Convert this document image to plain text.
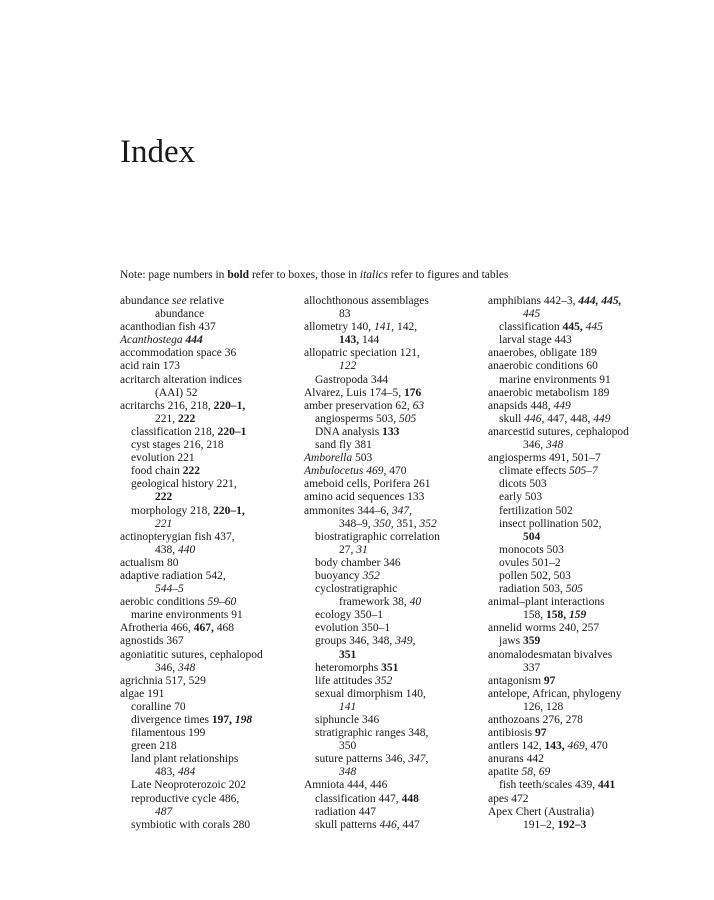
Index
Note: page numbers in bold refer to boxes, those in italics refer to figures and tables
abundance see relative
abundance
acanthodian fish 437
Acanthostega 444
accommodation space 36
acid rain 173
acritarch alteration indices
(AAI) 52
acritarchs 216, 218, 220–1,
221, 222
classification 218, 220–1
cyst stages 216, 218
evolution 221
food chain 222
geological history 221,
222
morphology 218, 220–1,
221
actinopterygian fish 437,
438, 440
actualism 80
adaptive radiation 542,
544–5
aerobic conditions 59–60
marine environments 91
Afrotheria 466, 467, 468
agnostids 367
agoniatitic sutures, cephalopod
346, 348
agrichnia 517, 529
algae 191
coralline 70
divergence times 197, 198
filamentous 199
green 218
land plant relationships
483, 484
Late Neoproterozoic 202
reproductive cycle 486,
487
symbiotic with corals 280
allochthonous assemblages
83
allometry 140, 141, 142,
143, 144
allopatric speciation 121,
122
Gastropoda 344
Alvarez, Luis 174–5, 176
amber preservation 62, 63
angiosperms 503, 505
DNA analysis 133
sand fly 381
Amborella 503
Ambulocetus 469, 470
ameboid cells, Porifera 261
amino acid sequences 133
ammonites 344–6, 347,
348–9, 350, 351, 352
biostratigraphic correlation
27, 31
body chamber 346
buoyancy 352
cyclostratigraphic
framework 38, 40
ecology 350–1
evolution 350–1
groups 346, 348, 349,
351
heteromorphs 351
life attitudes 352
sexual dimorphism 140,
141
siphuncle 346
stratigraphic ranges 348,
350
suture patterns 346, 347,
348
Amniota 444, 446
classification 447, 448
radiation 447
skull patterns 446, 447
amphibians 442–3, 444, 445,
445
classification 445, 445
larval stage 443
anaerobes, obligate 189
anaerobic conditions 60
marine environments 91
anaerobic metabolism 189
anapsids 448, 449
skull 446, 447, 448, 449
anarcestid sutures, cephalopod
346, 348
angiosperms 491, 501–7
climate effects 505–7
dicots 503
early 503
fertilization 502
insect pollination 502,
504
monocots 503
ovules 501–2
pollen 502, 503
radiation 503, 505
animal–plant interactions
158, 158, 159
annelid worms 240, 257
jaws 359
anomalodesmatan bivalves
337
antagonism 97
antelope, African, phylogeny
126, 128
anthozoans 276, 278
antibiosis 97
antlers 142, 143, 469, 470
anurans 442
apatite 58, 69
fish teeth/scales 439, 441
apes 472
Apex Chert (Australia)
191–2, 192–3
